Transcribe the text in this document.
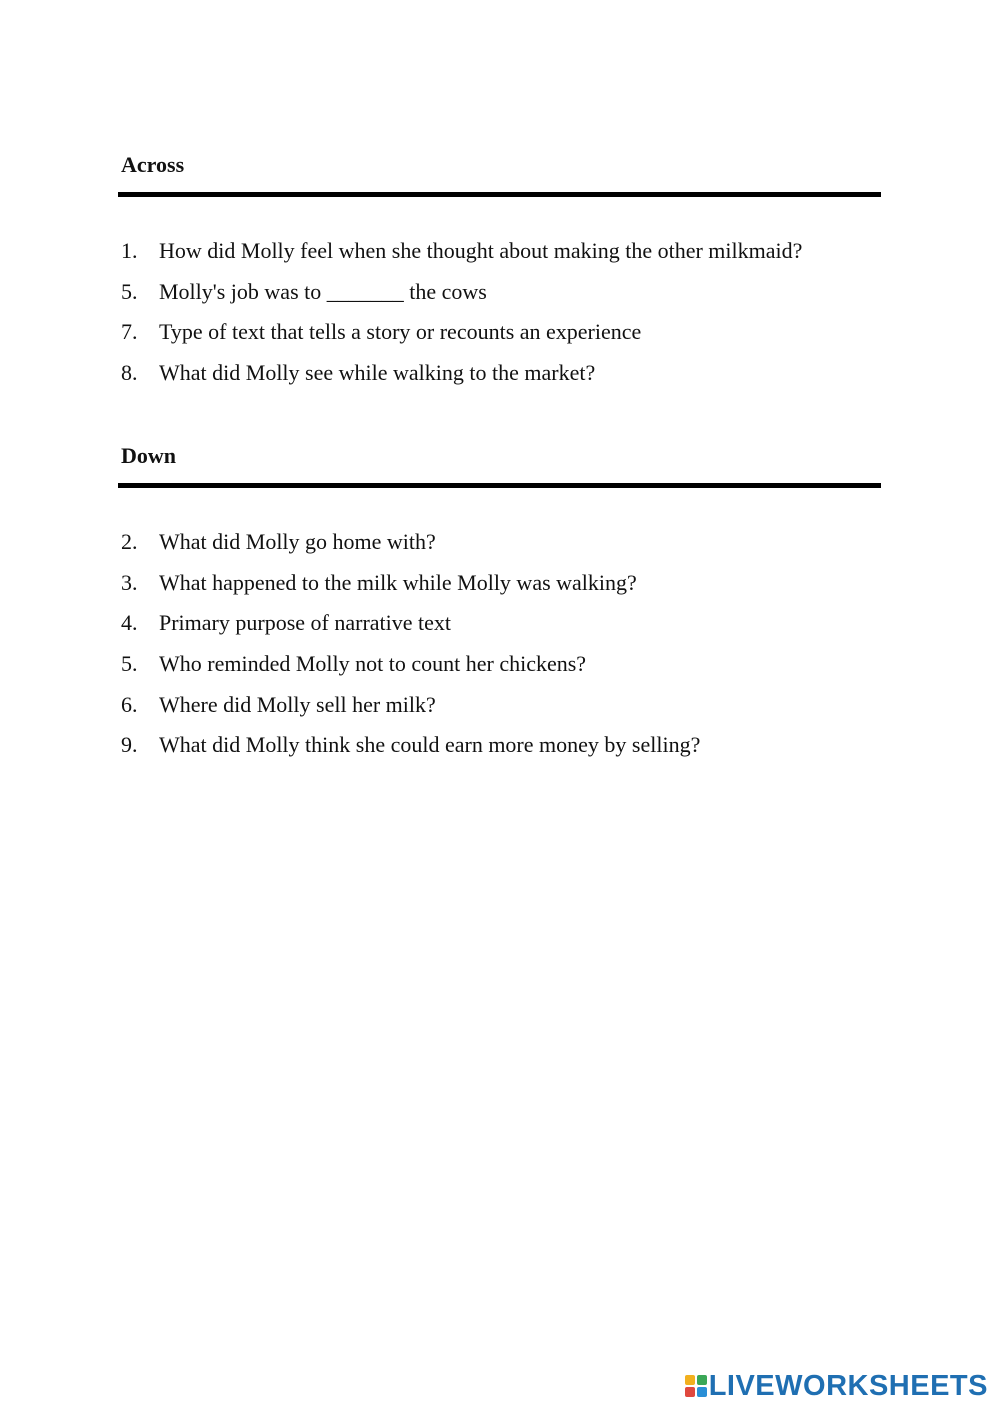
Across
1. How did Molly feel when she thought about making the other milkmaid?
5. Molly's job was to _______ the cows
7. Type of text that tells a story or recounts an experience
8. What did Molly see while walking to the market?
Down
2. What did Molly go home with?
3. What happened to the milk while Molly was walking?
4. Primary purpose of narrative text
5. Who reminded Molly not to count her chickens?
6. Where did Molly sell her milk?
9. What did Molly think she could earn more money by selling?
LIVEWORKSHEETS
